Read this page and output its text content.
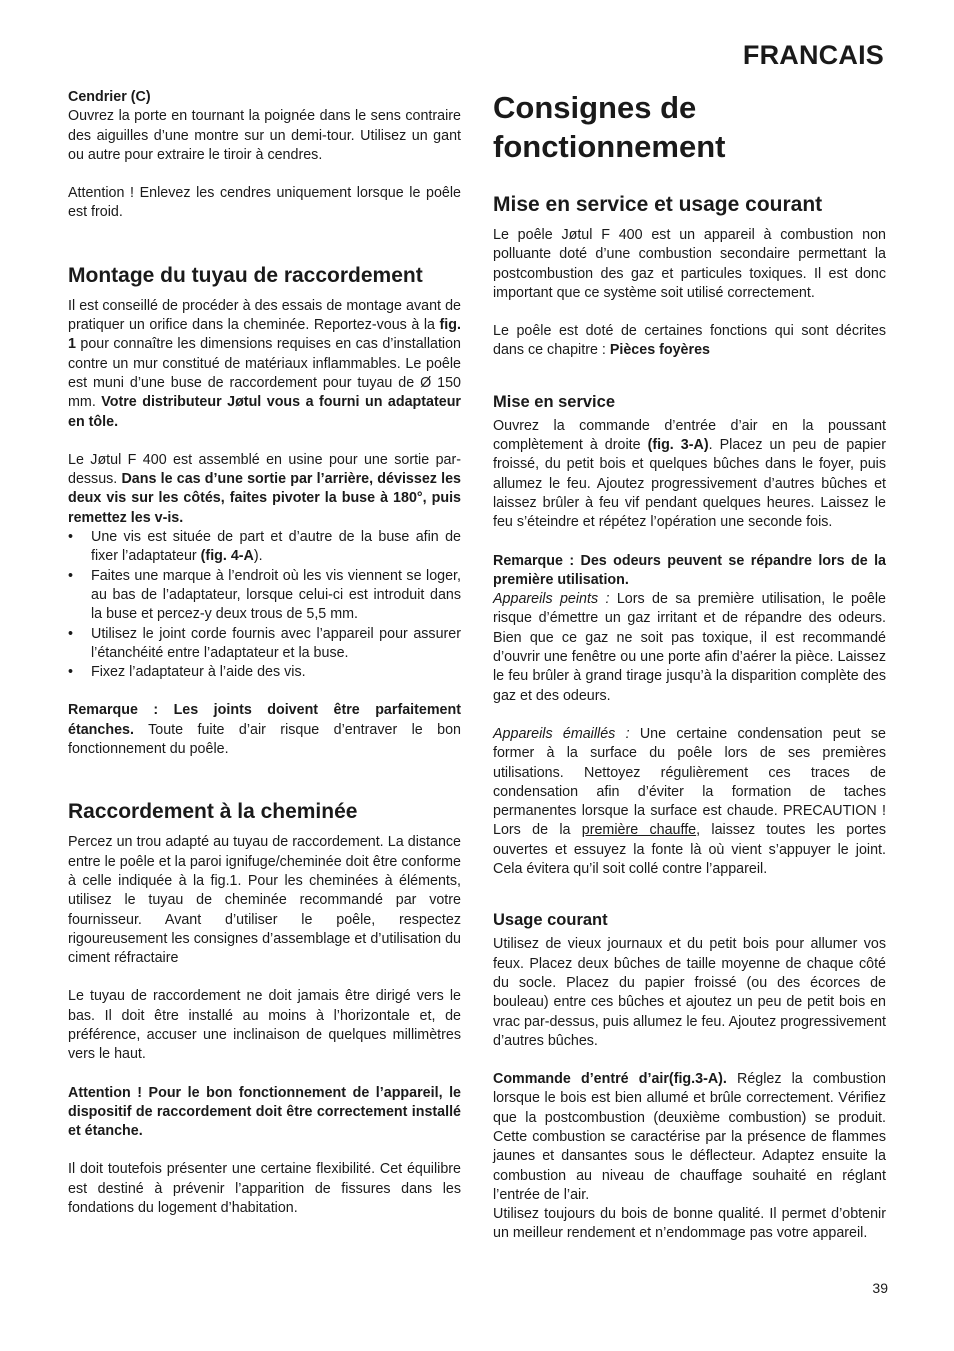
FRANCAIS
Cendrier (C)

Ouvrez la porte en tournant la poignée dans le sens contraire des aiguilles d’une montre sur un demi-tour. Utilisez un gant ou autre pour extraire le tiroir à cendres.

Attention ! Enlevez les cendres uniquement lorsque le poêle est froid.

Montage du tuyau de raccordement

Il est conseillé de procéder à des essais de montage avant de pratiquer un orifice dans la cheminée. Reportez-vous à la fig. 1 pour connaître les dimensions requises en cas d’installation contre un mur constitué de matériaux inflammables. Le poêle est muni d’une buse de raccordement pour tuyau de Ø 150 mm. Votre distributeur Jøtul vous a fourni un adaptateur en tôle.

Le Jøtul F 400 est assemblé en usine pour une sortie par-dessus. Dans le cas d’une sortie par l’arrière, dévissez les deux vis sur les côtés, faites pivoter la buse à 180°, puis remettez les v-is.

• Une vis est située de part et d’autre de la buse afin de fixer l’adaptateur (fig. 4-A).
• Faites une marque à l’endroit où les vis viennent se loger, au bas de l’adaptateur, lorsque celui-ci est introduit dans la buse et percez-y deux trous de 5,5 mm.
• Utilisez le joint corde fournis avec l’appareil pour assurer l’étanchéité entre l’adaptateur et la buse.
• Fixez l’adaptateur à l’aide des vis.

Remarque : Les joints doivent être parfaitement étanches. Toute fuite d’air risque d’entraver le bon fonctionnement du poêle.

Raccordement à la cheminée

Percez un trou adapté au tuyau de raccordement. La distance entre le poêle et la paroi ignifuge/cheminée doit être conforme à celle indiquée à la fig.1. Pour les cheminées à éléments, utilisez le tuyau de cheminée recommandé par votre fournisseur. Avant d’utiliser le poêle, respectez rigoureusement les consignes d’assemblage et d’utilisation du ciment réfractaire

Le tuyau de raccordement ne doit jamais être dirigé vers le bas. Il doit être installé au moins à l’horizontale et, de préférence, accuser une inclinaison de quelques millimètres vers le haut.

Attention ! Pour le bon fonctionnement de l’appareil, le dispositif de raccordement doit être correctement installé et étanche.

Il doit toutefois présenter une certaine flexibilité. Cet équilibre est destiné à prévenir l’apparition de fissures dans les fondations du logement d’habitation.

Consignes de
fonctionnement
Mise en service et usage courant

Le poêle Jøtul F 400 est un appareil à combustion non polluante doté d’une combustion secondaire permettant la postcombustion des gaz et particules toxiques. Il est donc important que ce système soit utilisé correctement.

Le poêle est doté de certaines fonctions qui sont décrites dans ce chapitre : Pièces foyères

Mise en service

Ouvrez la commande d’entrée d’air en la poussant complètement à droite (fig. 3-A). Placez un peu de papier froissé, du petit bois et quelques bûches dans le foyer, puis allumez le feu. Ajoutez progressivement d’autres bûches et laissez brûler à feu vif pendant quelques heures. Laissez le feu s’éteindre et répétez l’opération une seconde fois.

Remarque : Des odeurs peuvent se répandre lors de la première utilisation.

Appareils peints : Lors de sa première utilisation, le poêle risque d’émettre un gaz irritant et de répandre des odeurs. Bien que ce gaz ne soit pas toxique, il est recommandé d’ouvrir une fenêtre ou une porte afin d’aérer la pièce. Laissez le feu brûler à grand tirage jusqu’à la disparition complète des gaz et des odeurs.

Appareils émaillés : Une certaine condensation peut se former à la surface du poêle lors de ses premières utilisations. Nettoyez régulièrement ces traces de condensation afin d’éviter la formation de taches permanentes lorsque la surface est chaude. PRECAUTION ! Lors de la première chauffe, laissez toutes les portes ouvertes et essuyez la fonte là où vient s’appuyer le joint. Cela évitera qu’il soit collé contre l’appareil.

Usage courant

Utilisez de vieux journaux et du petit bois pour allumer vos feux. Placez deux bûches de taille moyenne de chaque côté du socle. Placez du papier froissé (ou des écorces de bouleau) entre ces bûches et ajoutez un peu de petit bois en vrac par-dessus, puis allumez le feu. Ajoutez progressivement d’autres bûches.

Commande d’entré d’air(fig.3-A). Réglez la combustion lorsque le bois est bien allumé et brûle correctement. Vérifiez que la postcombustion (deuxième combustion) se produit. Cette combustion se caractérise par la présence de flammes jaunes et dansantes sous le déflecteur. Adaptez ensuite la combustion au niveau de chauffage souhaité en réglant l’entrée de l’air.

Utilisez toujours du bois de bonne qualité. Il permet d’obtenir un meilleur rendement et n’endommage pas votre appareil.

39
